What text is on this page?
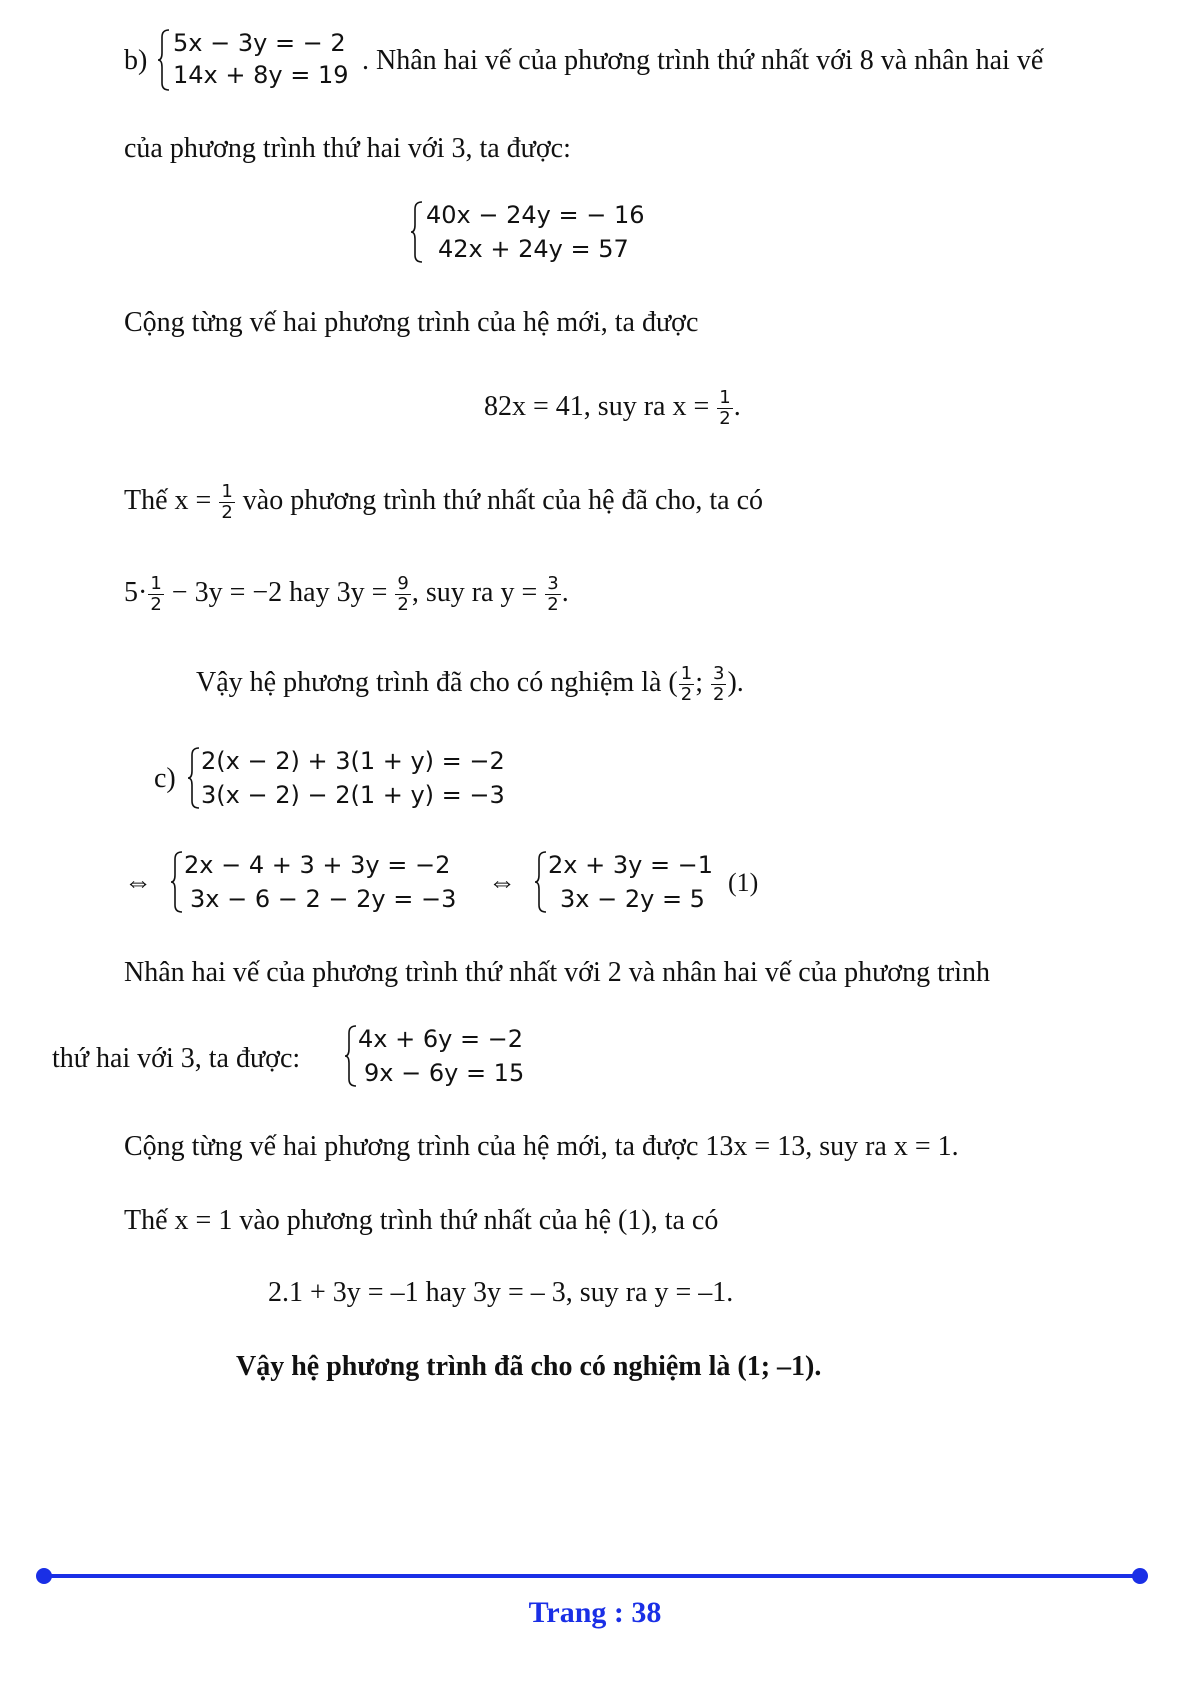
b)
5x − 3y = − 2
14x + 8y = 19 . Nhân hai vế của phương trình thứ nhất với 8 và nhân hai vế
của phương trình thứ hai với 3, ta được:
40x − 24y = − 16
42x + 24y = 57
Cộng từng vế hai phương trình của hệ mới, ta được
82x = 41, suy ra $x = \frac{1}{2}$ .
Thế $x = \frac{1}{2}$ vào phương trình thứ nhất của hệ đã cho, ta có
$5\cdot \frac{1}{2} - 3y = -2$ hay $3y = \frac{9}{2}$ , suy ra $y = \frac{3}{2}$ .
Vậy hệ phương trình đã cho có nghiệm là ( $\frac{1}{2}$ ; $\frac{3}{2}$ ).
c)
2(x − 2) + 3(1 + y) = −2
3(x − 2) − 2(1 + y) = −3
⇔
2x − 4 + 3 + 3y = −2
3x − 6 − 2 − 2y = −3
⇔
2x + 3y = −1
3x − 2y = 5
(1)
Nhân hai vế của phương trình thứ nhất với 2 và nhân hai vế của phương trình
thứ hai với 3, ta được:
4x + 6y = −2
9x − 6y = 15
Cộng từng vế hai phương trình của hệ mới, ta được 13x = 13, suy ra x = 1.
Thế x = 1 vào phương trình thứ nhất của hệ (1), ta có
2.1 + 3y = –1 hay 3y = – 3, suy ra y = –1.
Vậy hệ phương trình đã cho có nghiệm là (1; –1).
Trang : 38
